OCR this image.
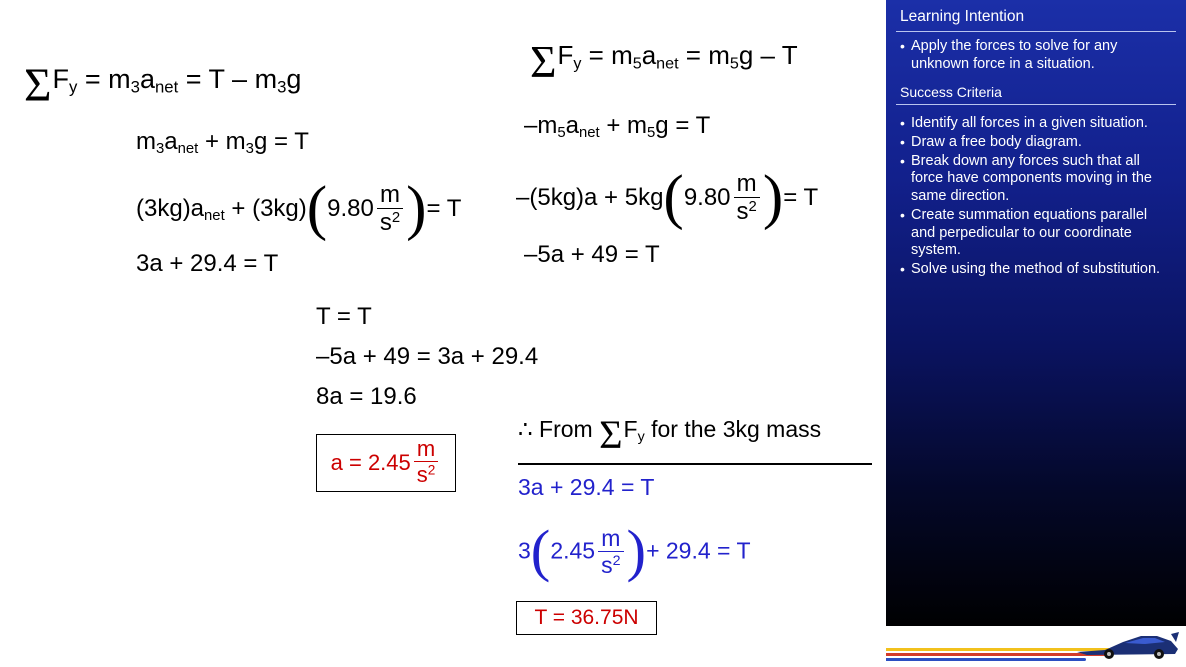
$\Sigma F_y = m_3a_{net} = T - m_3g$
$m_3a_{net} + m_3g = T$
$(3kg)a_{net} + (3kg)(9.80 \frac{m}{s^2}$ )= T
3a + 29.4 = T
$\Sigma F_y = m_5a_{net} = m_5g - T$
$-m_5a_{net} + m_5g = T$
$-(5kg)a + 5kg(9.80 \frac{m}{s^2}$ )= T
–5a + 49 = T
T = T
–5a + 49 = 3a + 29.4
8a = 19.6
$a = 2.45 \frac{m}{s^2}$
∴ From $\Sigma F_y$ for the 3kg mass
3a + 29.4 = T
$3(2.45 \frac{m}{s^2}$ )+ 29.4 = T
T = 36.75N
Learning Intention
• Apply the forces to solve for any unknown force in a situation.
Success Criteria
• Identify all forces in a given situation.
• Draw a free body diagram.
• Break down any forces such that all force have components moving in the same direction.
• Create summation equations parallel and perpedicular to our coordinate system.
• Solve using the method of substitution.
